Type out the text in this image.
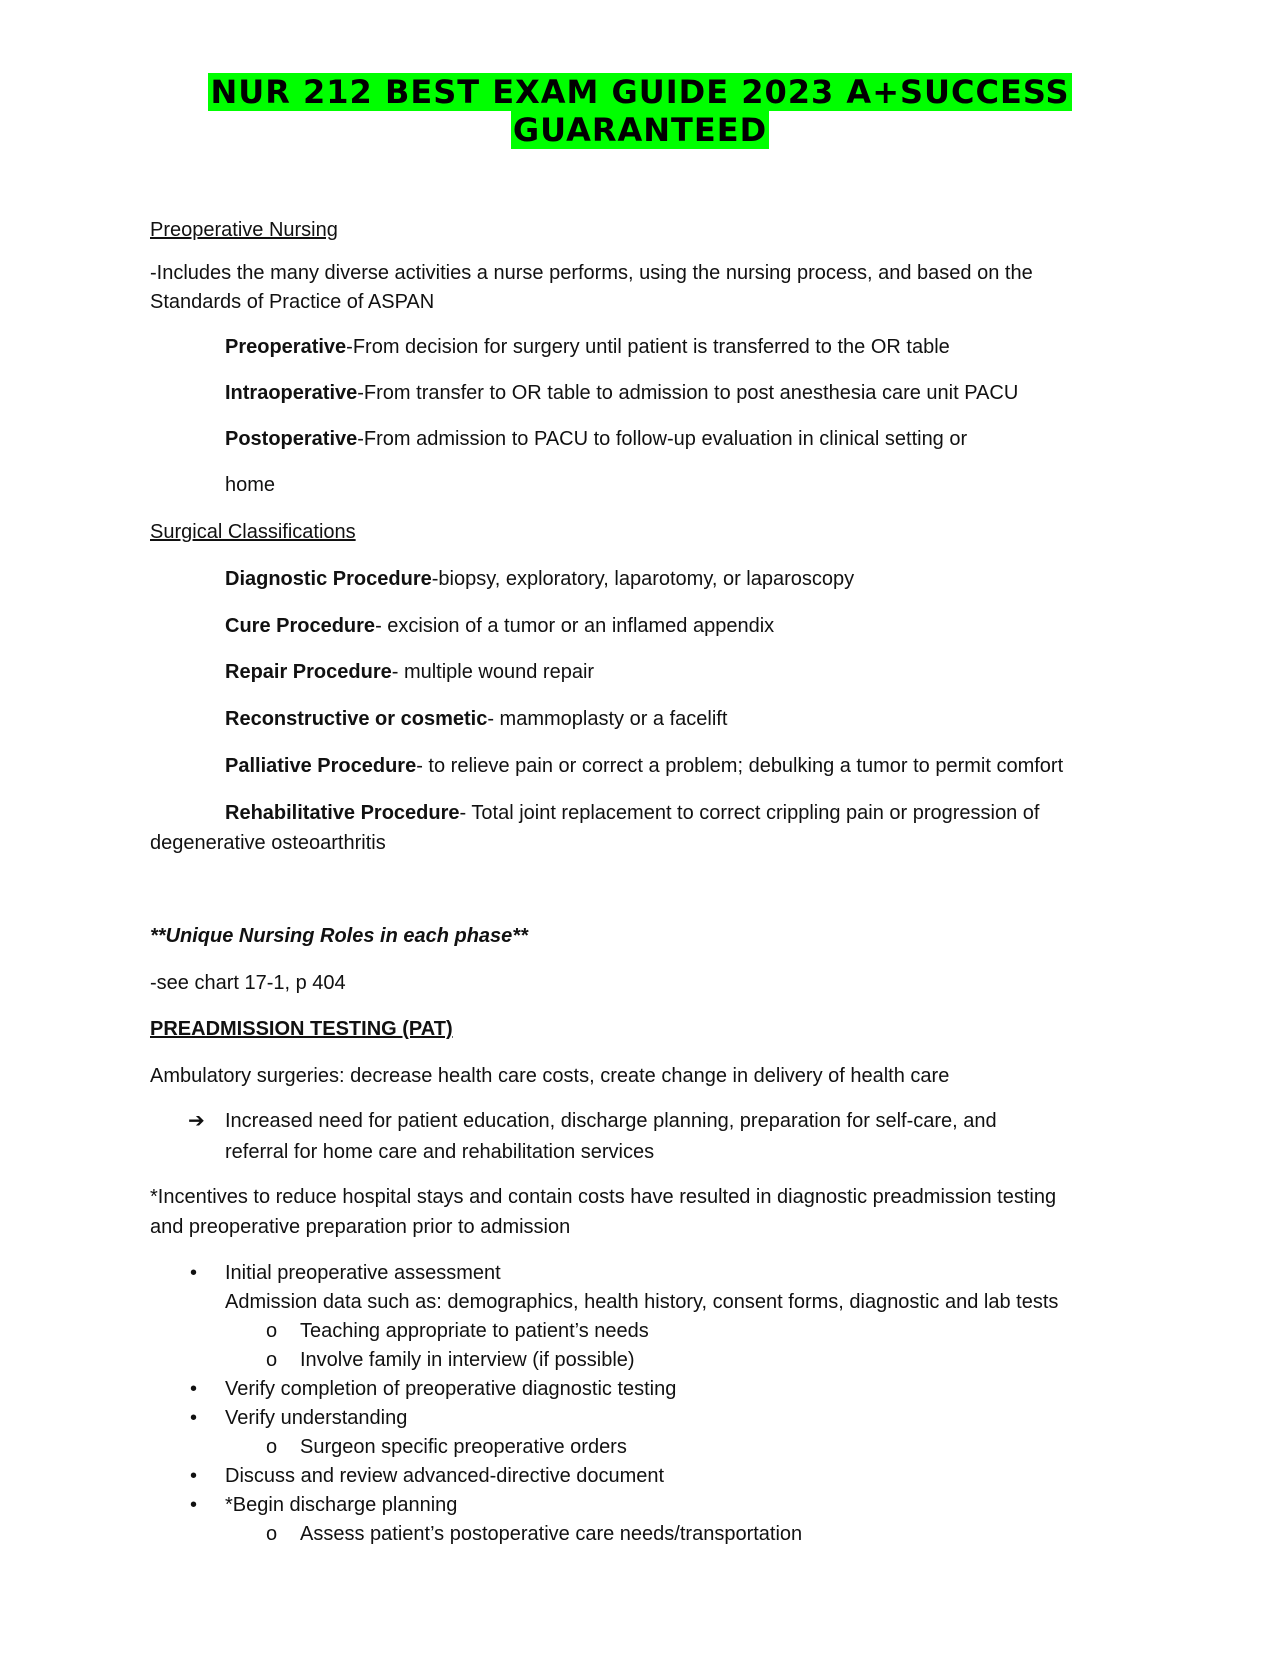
NUR 212 BEST EXAM GUIDE 2023 A+SUCCESS
GUARANTEED
Preoperative Nursing
-Includes the many diverse activities a nurse performs, using the nursing process, and based on the
Standards of Practice of ASPAN
Preoperative-From decision for surgery until patient is transferred to the OR table
Intraoperative-From transfer to OR table to admission to post anesthesia care unit PACU
Postoperative-From admission to PACU to follow-up evaluation in clinical setting or
home
Surgical Classifications
Diagnostic Procedure-biopsy, exploratory, laparotomy, or laparoscopy
Cure Procedure- excision of a tumor or an inflamed appendix
Repair Procedure- multiple wound repair
Reconstructive or cosmetic- mammoplasty or a facelift
Palliative Procedure- to relieve pain or correct a problem; debulking a tumor to permit comfort
Rehabilitative Procedure- Total joint replacement to correct crippling pain or progression of
degenerative osteoarthritis
**Unique Nursing Roles in each phase**
-see chart 17-1, p 404
PREADMISSION TESTING (PAT)
Ambulatory surgeries: decrease health care costs, create change in delivery of health care
➔ Increased need for patient education, discharge planning, preparation for self-care, and
referral for home care and rehabilitation services
*Incentives to reduce hospital stays and contain costs have resulted in diagnostic preadmission testing
and preoperative preparation prior to admission
• Initial preoperative assessment
Admission data such as: demographics, health history, consent forms, diagnostic and lab tests
o Teaching appropriate to patient’s needs
o Involve family in interview (if possible)
• Verify completion of preoperative diagnostic testing
• Verify understanding
o Surgeon specific preoperative orders
• Discuss and review advanced-directive document
• *Begin discharge planning
o Assess patient’s postoperative care needs/transportation
